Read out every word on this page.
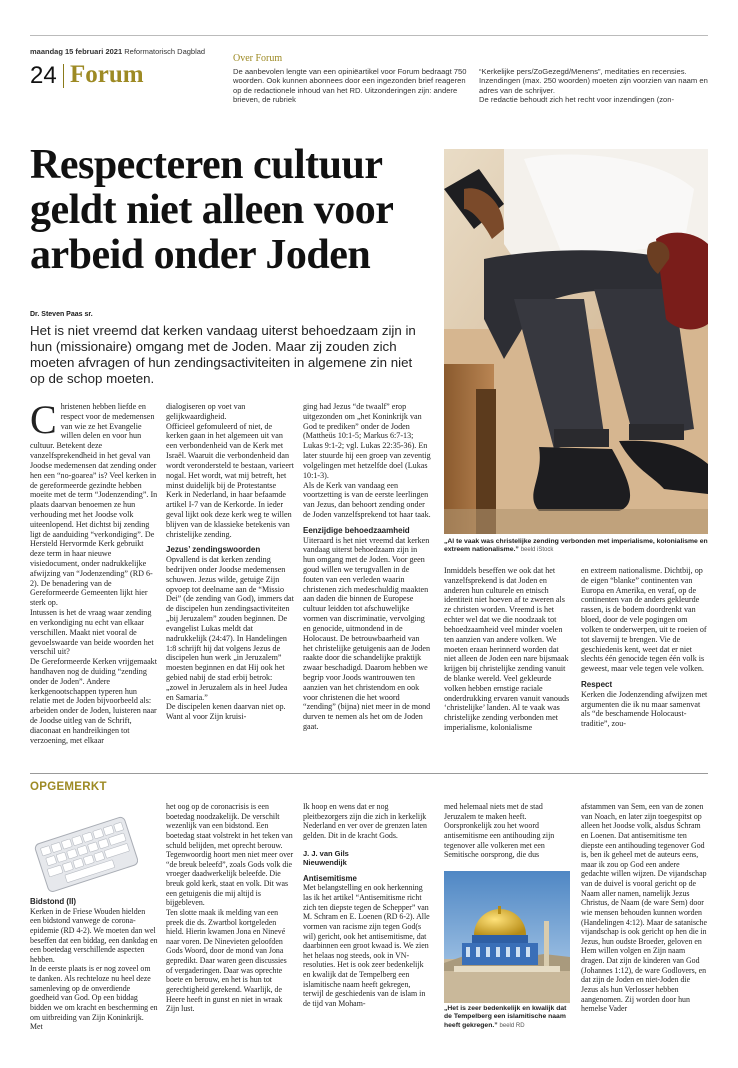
maandag 15 februari 2021 Reformatorisch Dagblad
24 Forum
Over Forum
De aanbevolen lengte van een opiniëartikel voor Forum bedraagt 750 woorden. Ook kunnen abonnees door een ingezonden brief reageren op de redactionele inhoud van het RD. Uitzonderingen zijn: andere brieven, de rubriek
“Kerkelijke pers/ZoGezegd/Menens”, meditaties en recensies. Inzendingen (max. 250 woorden) moeten zijn voorzien van naam en adres van de schrijver.
De redactie behoudt zich het recht voor inzendingen (zon-
Respecteren cultuur geldt niet alleen voor arbeid onder Joden
Dr. Steven Paas sr.

Het is niet vreemd dat kerken vandaag uiterst behoedzaam zijn in hun (missionaire) omgang met de Joden. Maar zij zouden zich moeten afvragen of hun zendingsactiviteiten in algemene zin niet op de schop moeten.

„Al te vaak was christelijke zending verbonden met imperialisme, kolonialisme en extreem nationalisme.” beeld iStock
Christenen hebben liefde en respect voor de medemensen van wie ze het Evangelie willen delen en voor hun cultuur. Betekent deze vanzelfsprekendheid in het geval van Joodse medemensen dat zending onder hen een “no-goarea” is? Veel kerken in de gereformeerde gezindte hebben moeite met de term “Jodenzending”. In plaats daarvan benoemen ze hun verhouding met het Joodse volk uiteenlopend. Het dichtst bij zending ligt de aanduiding “verkondiging”. De Hersteld Hervormde Kerk gebruikt deze term in haar nieuwe visiedocument, onder nadrukkelijke afwijzing van “Jodenzending” (RD 6-2). De benadering van de Gereformeerde Gemeenten lijkt hier sterk op.
Intussen is het de vraag waar zending en verkondiging nu echt van elkaar verschillen. Maakt niet vooral de gevoelswaarde van beide woorden het verschil uit?
De Gereformeerde Kerken vrijgemaakt handhaven nog de duiding “zending onder de Joden”. Andere kerkgenootschappen typeren hun relatie met de Joden bijvoorbeeld als: arbeiden onder de Joden, luisteren naar de Joodse uitleg van de Schrift, diaconaat en handreikingen tot verzoening, met elkaar
dialogiseren op voet van gelijkwaardigheid.
Officieel gefomuleerd of niet, de kerken gaan in het algemeen uit van een verbondenheid van de Kerk met Israël. Waaruit die verbondenheid dan wordt verondersteld te bestaan, varieert nogal. Het wordt, wat mij betreft, het minst duidelijk bij de Protestantse Kerk in Nederland, in haar befaamde artikel I-7 van de Kerkorde. In ieder geval lijkt ook deze kerk weg te willen blijven van de klassieke betekenis van christelijke zending.
Jezus’ zendingswoorden
Opvallend is dat kerken zending bedrijven onder Joodse medemensen schuwen. Jezus wilde, getuige Zijn opvoep tot deelname aan de “Missio Dei” (de zending van God), immers dat de discipelen hun zendingsactiviteiten „bij Jeruzalem” zouden beginnen. De evangelist Lukas meldt dat nadrukkelijk (24:47). In Handelingen 1:8 schrijft hij dat volgens Jezus de discipelen hun werk „in Jeruzalem” moesten beginnen en dat Hij ook het gebied nabij de stad erbij betrok: „zowel in Jeruzalem als in heel Judea en Samaria.”
De discipelen kenen daarvan niet op. Want al voor Zijn kruisi-
ging had Jezus “de twaalf” erop uitgezonden om „het Koninkrijk van God te prediken” onder de Joden (Mattheüs 10:1-5; Markus 6:7-13; Lukas 9:1-2; vgl. Lukas 22:35-36). En later stuurde hij een groep van zeventig volgelingen met hetzelfde doel (Lukas 10:1-3).
Als de Kerk van vandaag een voortzetting is van de eerste leerlingen van Jezus, dan behoort zending onder de Joden vanzelfsprekend tot haar taak.
Eenzijdige behoedzaamheid
Uiteraard is het niet vreemd dat kerken vandaag uiterst behoedzaam zijn in hun omgang met de Joden. Voor geen goud willen we terugvallen in de fouten van een verleden waarin christenen zich medeschuldig maakten aan daden die binnen de Europese cultuur leidden tot afschuwelijke vormen van discriminatie, vervolging en genocide, uitmondend in de Holocaust. De betrouwbaarheid van het christelijke getuigenis aan de Joden raakte door die schandelijke praktijk zwaar beschadigd. Daarom hebben we begrip voor Joods wantrouwen ten aanzien van het christendom en ook voor christenen die het woord “zending” (bijna) niet meer in de mond durven te nemen als het om de Joden gaat.
Inmiddels beseffen we ook dat het vanzelfsprekend is dat Joden en anderen hun culturele en etnisch identiteit niet hoeven af te zweren als ze christen worden. Vreemd is het echter wel dat we die noodzaak tot behoedzaamheid veel minder voelen ten aanzien van andere volken. We moeten eraan herinnerd worden dat niet alleen de Joden een nare bijsmaak krijgen bij christelijke zending vanuit de blanke wereld. Veel gekleurde volken hebben ernstige raciale onderdrukking ervaren vanuit vanouds ‘christelijke’ landen. Al te vaak was christelijke zending verbonden met imperialisme, kolonialisme
en extreem nationalisme. Dichtbij, op de eigen “blanke” continenten van Europa en Amerika, en veraf, op de continenten van de anders gekleurde rassen, is de bodem doordrenkt van bloed, door de vele pogingen om volken te onderwerpen, uit te roeien of tot slavernij te brengen. Vie de geschiedenis kent, weet dat er niet slechts één genocide tegen één volk is geweest, maar vele tegen vele volken.
Respect
Kerken die Jodenzending afwijzen met argumenten die ik nu maar samenvat als “de beschamende Holocaust-traditie”, zou-
OPGEMERKT
Bidstond (II)
Kerken in de Friese Wouden hielden een bidstond vanwege de corona-epidemie (RD 4-2). We moeten dan wel beseffen dat een biddag, een dankdag en een boetedag verschillende aspecten hebben.
In de eerste plaats is er nog zoveel om te danken. Als rechteloze nu heel deze samenleving op de onverdiende goedheid van God. Op een biddag bidden we om kracht en bescherming en om uitbreiding van Zijn Koninkrijk. Met
het oog op de coronacrisis is een boetedag noodzakelijk. De verschilt wezenlijk van een bidstond. Een boetedag staat volstrekt in het teken van schuld belijden, met oprecht berouw.
Tegenwoordig hoort men niet meer over “de breuk beleefd”, zoals Gods volk die vroeger daadwerkelijk beleefde. Die breuk gold kerk, staat en volk. Dit was een getuigenis die mij altijd is bijgebleven.
Ten slotte maak ik melding van een preek die ds. Zwartbol kortgeleden hield. Hierin kwamen Jona en Ninevé naar voren. De Ninevieten geloofden Gods Woord, door de mond van Jona gepredikt. Daar waren geen discussies of vergaderingen. Daar was oprechte boete en berouw, en het is hun tot gerechtigheid gerekend. Waarlijk, de Heere heeft in gunst en niet in wraak Zijn lust.
Ik hoop en wens dat er nog pleitbezorgers zijn die zich in kerkelijk Nederland en ver over de grenzen laten gelden. Dit in de kracht Gods.
J. J. van Gils
Nieuwendijk
Antisemitisme
Met belangstelling en ook herkenning las ik het artikel “Antisemitisme richt zich ten diepste tegen de Schepper” van M. Schram en E. Loenen (RD 6-2). Alle vormen van racisme zijn tegen God(s wil) gericht, ook het antisemitisme, dat daarbinnen een groot kwaad is. We zien het helaas nog steeds, ook in VN-resoluties. Het is ook zeer bedenkelijk en kwalijk dat de Tempelberg een islamitische naam heeft gekregen, terwijl de geschiedenis van de islam in de tijd van Moham-
med helemaal niets met de stad Jeruzalem te maken heeft.
Oorspronkelijk zou het woord antisemitisme een antihouding zijn tegenover alle volkeren met een Semitische oorsprong, die dus
„Het is zeer bedenkelijk en kwalijk dat de Tempelberg een islamitische naam heeft gekregen.” beeld RD
afstammen van Sem, een van de zonen van Noach, en later zijn toegespitst op alleen het Joodse volk, alsdus Schram en Loenen. Dat antisemitisme ten diepste een antihouding tegenover God is, ben ik geheel met de auteurs eens, maar ik zou op God een andere gedachte willen wijzen. De vijandschap van de duivel is vooral gericht op de Naam aller namen, namelijk Jezus Christus, de Naam (de ware Sem) door wie mensen behouden kunnen worden (Handelingen 4:12). Maar de satanische vijandschap is ook gericht op hen die in Jezus, hun oudste Broeder, geloven en Hem willen volgen en Zijn naam dragen. Dat zijn de kinderen van God (Johannes 1:12), de ware Godlovers, en dat zijn de Joden en niet-Joden die Jezus als hun Verlosser hebben aangenomen. Zij worden door hun hemelse Vader
